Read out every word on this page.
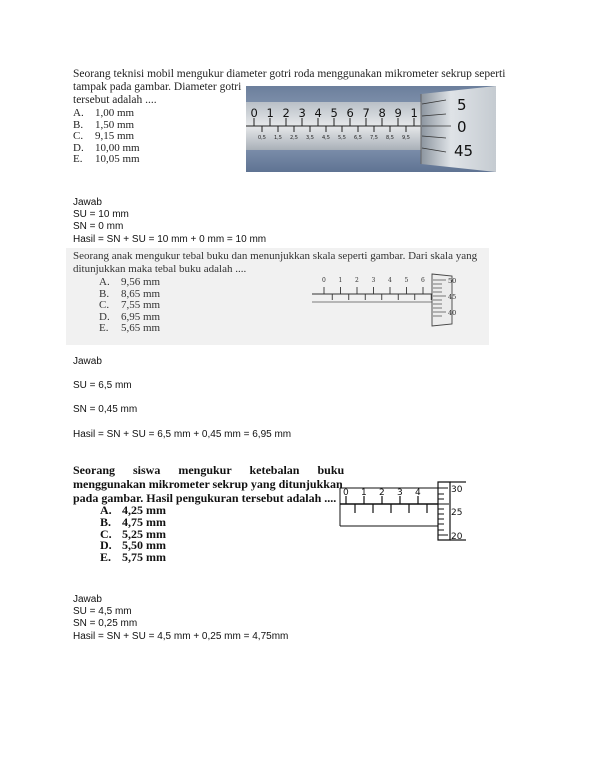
Seorang teknisi mobil mengukur diameter gotri roda menggunakan mikrometer sekrup seperti
tampak pada gambar. Diameter gotri
tersebut adalah ....
A. 1,00 mm
B. 1,50 mm
C. 9,15 mm
D. 10,00 mm
E. 10,05 mm
0 1 2 3 4 5 6 7 8 9 1
0,5 1,5 2,5 3,5 4,5 5,5 6,5 7,5 8,5 9,5
5
0
45
Jawab
SU = 10 mm
SN = 0 mm
Hasil = SN + SU = 10 mm + 0 mm = 10 mm
Seorang anak mengukur tebal buku dan menunjukkan skala seperti gambar. Dari skala yang
ditunjukkan maka tebal buku adalah ....
A. 9,56 mm
B. 8,65 mm
C. 7,55 mm
D. 6,95 mm
E. 5,65 mm
0 1 2 3 4 5 6	50
45
40
Jawab
SU = 6,5 mm
SN = 0,45 mm
Hasil = SN + SU = 6,5 mm + 0,45 mm = 6,95 mm
Seorang      siswa      mengukur      ketebalan      buku
menggunakan mikrometer sekrup yang ditunjukkan
pada gambar. Hasil pengukuran tersebut adalah ....
A. 4,25 mm
B. 4,75 mm
C. 5,25 mm
D. 5,50 mm
E. 5,75 mm
0 1 2 3 4	30
25
20
Jawab
SU = 4,5 mm
SN = 0,25 mm
Hasil = SN + SU = 4,5 mm + 0,25 mm = 4,75mm
